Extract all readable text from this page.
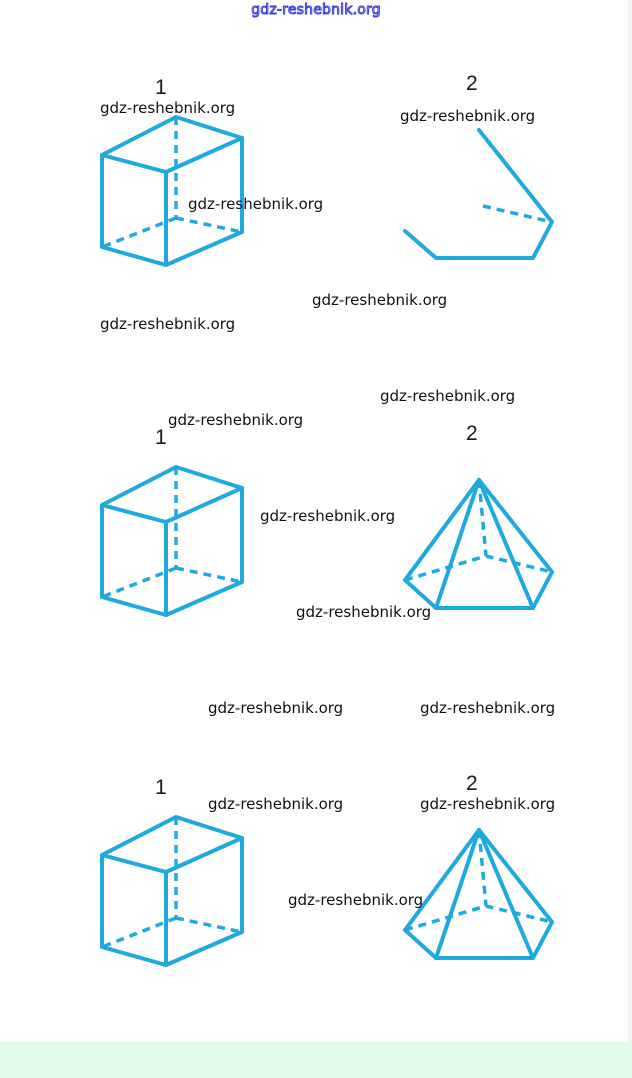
gdz-reshebnik.org
1	2
1	2
1	2
gdz-reshebnik.org	gdz-reshebnik.org
gdz-reshebnik.org
gdz-reshebnik.org
gdz-reshebnik.org
gdz-reshebnik.org
gdz-reshebnik.org
gdz-reshebnik.org
gdz-reshebnik.org
gdz-reshebnik.org	gdz-reshebnik.org
gdz-reshebnik.org	gdz-reshebnik.org
gdz-reshebnik.org
